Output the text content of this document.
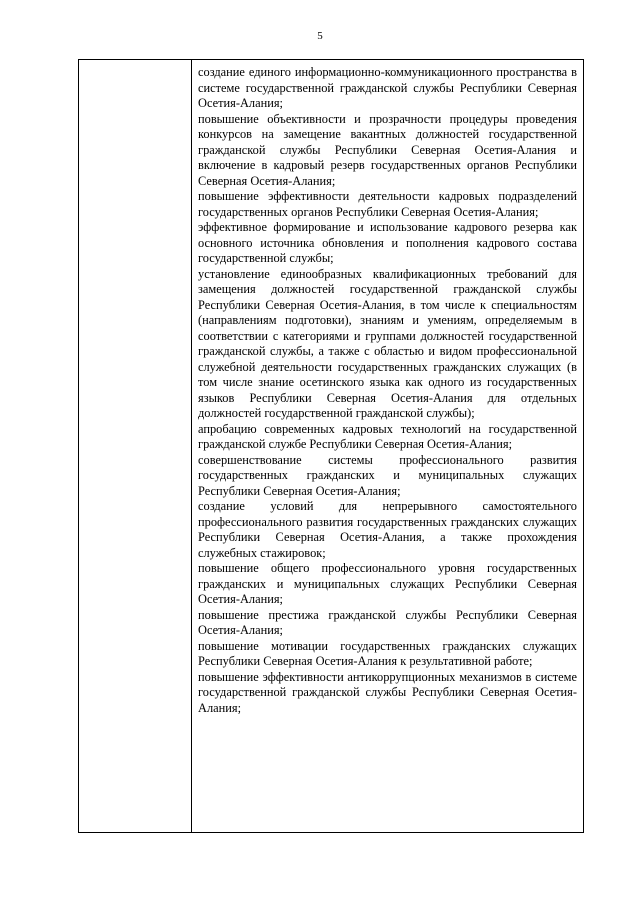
5

создание единого информационно-коммуникационного пространства в системе государственной гражданской службы Республики Северная Осетия-Алания;

повышение объективности и прозрачности процедуры проведения конкурсов на замещение вакантных должностей государственной гражданской службы Республики Северная Осетия-Алания и включение в кадровый резерв государственных органов Республики Северная Осетия-Алания;

повышение эффективности деятельности кадровых подразделений государственных органов Республики Северная Осетия-Алания;

эффективное формирование и использование кадрового резерва как основного источника обновления и пополнения кадрового состава государственной службы;

установление единообразных квалификационных требований для замещения должностей государственной гражданской службы Республики Северная Осетия-Алания, в том числе к специальностям (направлениям подготовки), знаниям и умениям, определяемым в соответствии с категориями и группами должностей государственной гражданской службы, а также с областью и видом профессиональной служебной деятельности государственных гражданских служащих (в том числе знание осетинского языка как одного из государственных языков Республики Северная Осетия-Алания для отдельных должностей государственной гражданской службы);

апробацию современных кадровых технологий на государственной гражданской службе Республики Северная Осетия-Алания;

совершенствование системы профессионального развития государственных гражданских и муниципальных служащих Республики Северная Осетия-Алания;

создание условий для непрерывного самостоятельного профессионального развития государственных гражданских служащих Республики Северная Осетия-Алания, а также прохождения служебных стажировок;

повышение общего профессионального уровня государственных гражданских и муниципальных служащих Республики Северная Осетия-Алания;

повышение престижа гражданской службы Республики Северная Осетия-Алания;

повышение мотивации государственных гражданских служащих Республики Северная Осетия-Алания к результативной работе;

повышение эффективности антикоррупционных механизмов в системе государственной гражданской службы Республики Северная Осетия-Алания;
